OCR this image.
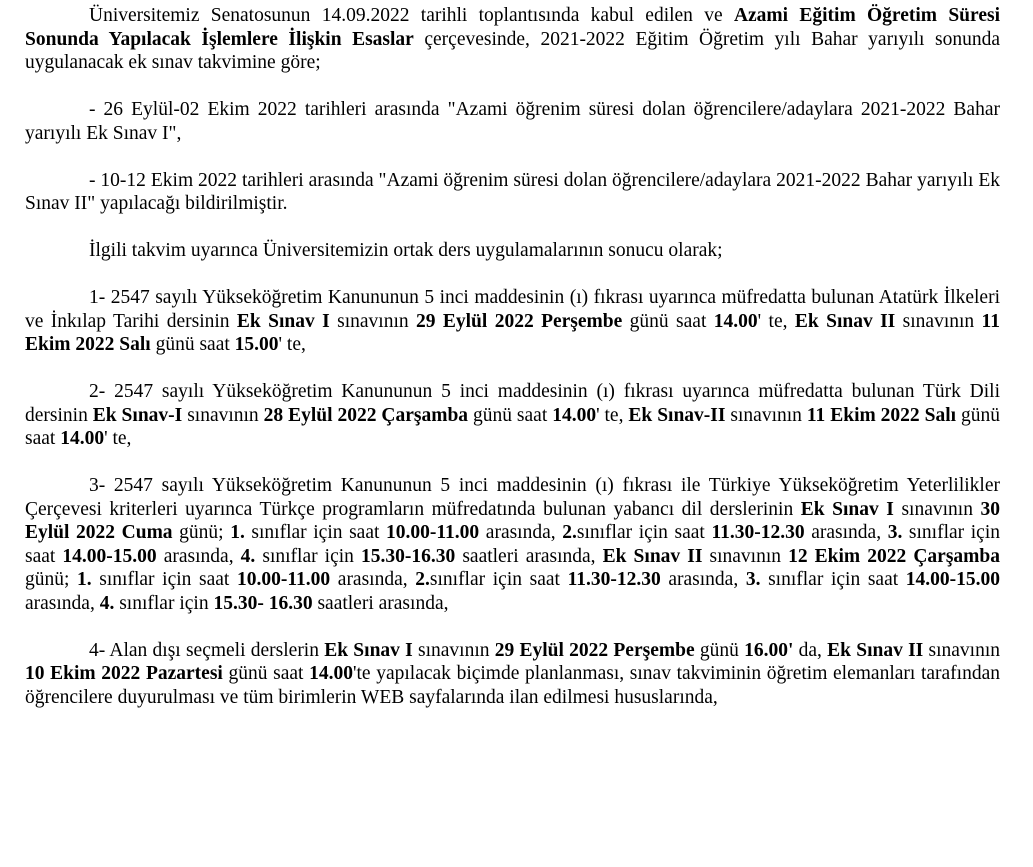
Üniversitemiz Senatosunun 14.09.2022 tarihli toplantısında kabul edilen ve Azami Eğitim Öğretim Süresi Sonunda Yapılacak İşlemlere İlişkin Esaslar çerçevesinde, 2021-2022 Eğitim Öğretim yılı Bahar yarıyılı sonunda uygulanacak ek sınav takvimine göre;

- 26 Eylül-02 Ekim 2022 tarihleri arasında "Azami öğrenim süresi dolan öğrencilere/adaylara 2021-2022 Bahar yarıyılı Ek Sınav I",

- 10-12 Ekim 2022 tarihleri arasında "Azami öğrenim süresi dolan öğrencilere/adaylara 2021-2022 Bahar yarıyılı Ek Sınav II" yapılacağı bildirilmiştir.

İlgili takvim uyarınca Üniversitemizin ortak ders uygulamalarının sonucu olarak;

1- 2547 sayılı Yükseköğretim Kanununun 5 inci maddesinin (ı) fıkrası uyarınca müfredatta bulunan Atatürk İlkeleri ve İnkılap Tarihi dersinin Ek Sınav I sınavının 29 Eylül 2022 Perşembe günü saat 14.00' te, Ek Sınav II sınavının 11 Ekim 2022 Salı günü saat 15.00' te,

2- 2547 sayılı Yükseköğretim Kanununun 5 inci maddesinin (ı) fıkrası uyarınca müfredatta bulunan Türk Dili dersinin Ek Sınav-I sınavının 28 Eylül 2022 Çarşamba günü saat 14.00' te, Ek Sınav-II sınavının 11 Ekim 2022 Salı günü saat 14.00' te,

3- 2547 sayılı Yükseköğretim Kanununun 5 inci maddesinin (ı) fıkrası ile Türkiye Yükseköğretim Yeterlilikler Çerçevesi kriterleri uyarınca Türkçe programların müfredatında bulunan yabancı dil derslerinin Ek Sınav I sınavının 30 Eylül 2022 Cuma günü; 1. sınıflar için saat 10.00-11.00 arasında, 2.sınıflar için saat 11.30-12.30 arasında, 3. sınıflar için saat 14.00-15.00 arasında, 4. sınıflar için 15.30-16.30 saatleri arasında, Ek Sınav II sınavının 12 Ekim 2022 Çarşamba günü; 1. sınıflar için saat 10.00-11.00 arasında, 2.sınıflar için saat 11.30-12.30 arasında, 3. sınıflar için saat 14.00-15.00 arasında, 4. sınıflar için 15.30- 16.30 saatleri arasında,

4- Alan dışı seçmeli derslerin Ek Sınav I sınavının 29 Eylül 2022 Perşembe günü 16.00' da, Ek Sınav II sınavının 10 Ekim 2022 Pazartesi günü saat 14.00'te yapılacak biçimde planlanması, sınav takviminin öğretim elemanları tarafından öğrencilere duyurulması ve tüm birimlerin WEB sayfalarında ilan edilmesi hususlarında,
